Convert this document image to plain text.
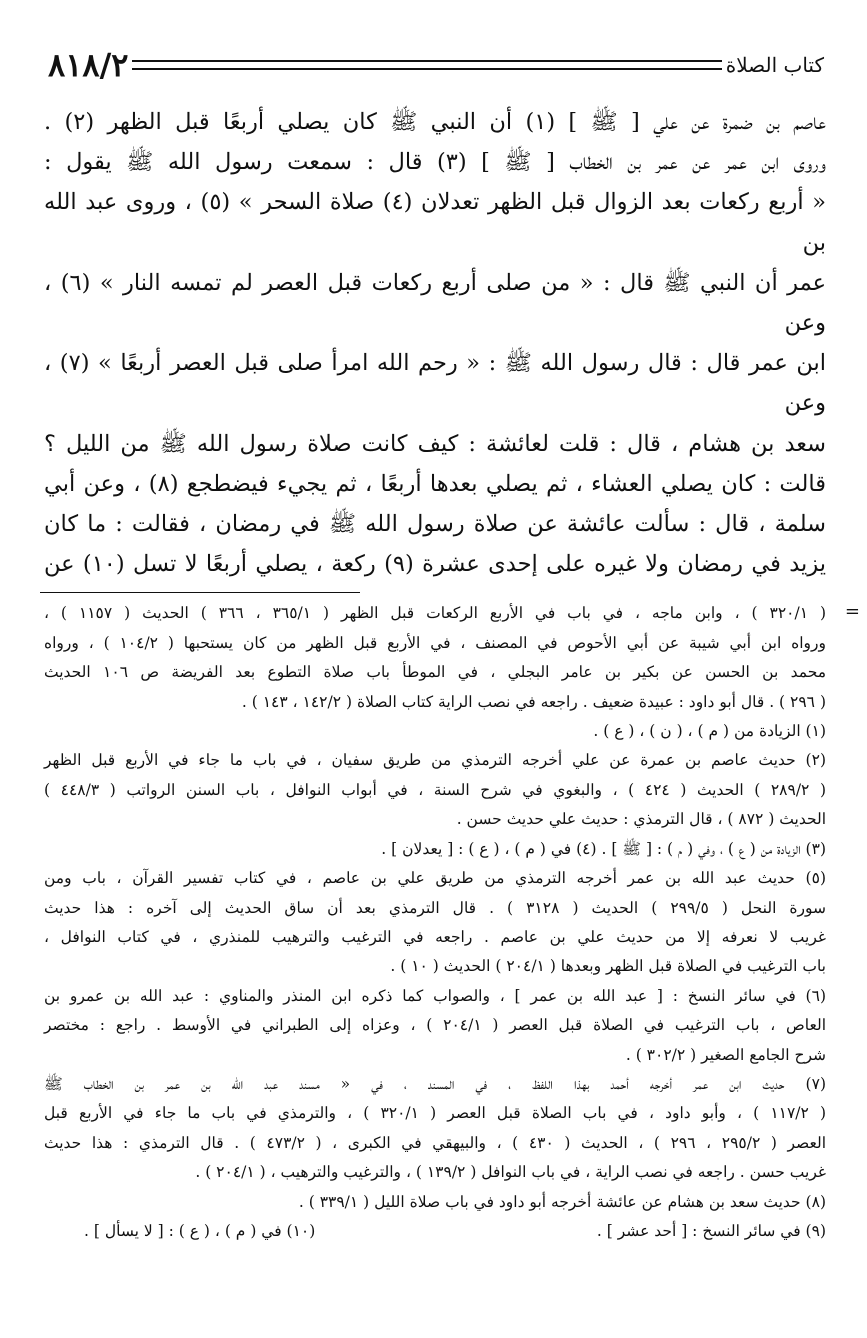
كتاب الصلاة
٨١٨/٢

عاصم بن ضمرة عن علي [ ﷺ ] (١) أن النبي ﷺ كان يصلي أربعًا قبل الظهر (٢) .

وروى ابن عمر عن عمر بن الخطاب [ ﷺ ] (٣) قال : سمعت رسول الله ﷺ يقول :

« أربع ركعات بعد الزوال قبل الظهر تعدلان (٤) صلاة السحر » (٥) ، وروى عبد الله بن

عمر أن النبي ﷺ قال : « من صلى أربع ركعات قبل العصر لم تمسه النار » (٦) ، وعن

ابن عمر قال : قال رسول الله ﷺ : « رحم الله امرأ صلى قبل العصر أربعًا » (٧) ، وعن

سعد بن هشام ، قال : قلت لعائشة : كيف كانت صلاة رسول الله ﷺ من الليل ؟

قالت : كان يصلي العشاء ، ثم يصلي بعدها أربعًا ، ثم يجيء فيضطجع (٨) ، وعن أبي

سلمة ، قال : سألت عائشة عن صلاة رسول الله ﷺ في رمضان ، فقالت : ما كان

يزيد في رمضان ولا غيره على إحدى عشرة (٩) ركعة ، يصلي أربعًا لا تسل (١٠) عن

=
( ٣٢٠/١ ) ، وابن ماجه ، في باب في الأربع الركعات قبل الظهر ( ٣٦٥/١ ، ٣٦٦ ) الحديث ( ١١٥٧ ) ،
ورواه ابن أبي شيبة عن أبي الأحوص في المصنف ، في الأربع قبل الظهر من كان يستحبها ( ١٠٤/٢ ) ، ورواه
محمد بن الحسن عن بكير بن عامر البجلي ، في الموطأ باب صلاة التطوع بعد الفريضة ص ١٠٦ الحديث
( ٢٩٦ ) . قال أبو داود : عبيدة ضعيف . راجعه في نصب الراية كتاب الصلاة ( ١٤٢/٢ ، ١٤٣ ) .
(١) الزيادة من ( م ) ، ( ن ) ، ( ع ) .
(٢) حديث عاصم بن عمرة عن علي أخرجه الترمذي من طريق سفيان ، في باب ما جاء في الأربع قبل الظهر
( ٢٨٩/٢ ) الحديث ( ٤٢٤ ) ، والبغوي في شرح السنة ، في أبواب النوافل ، باب السنن الرواتب ( ٤٤٨/٣ )
الحديث ( ٨٧٢ ) ، قال الترمذي : حديث علي حديث حسن .
(٣) الزيادة من ( ع ) ، وفي ( م ) : [ ﷺ ] . (٤) في ( م ) ، ( ع ) : [ يعدلان ] .
(٥) حديث عبد الله بن عمر أخرجه الترمذي من طريق علي بن عاصم ، في كتاب تفسير القرآن ، باب ومن
سورة النحل ( ٢٩٩/٥ ) الحديث ( ٣١٢٨ ) . قال الترمذي بعد أن ساق الحديث إلى آخره : هذا حديث
غريب لا نعرفه إلا من حديث علي بن عاصم . راجعه في الترغيب والترهيب للمنذري ، في كتاب النوافل ،
باب الترغيب في الصلاة قبل الظهر وبعدها ( ٢٠٤/١ ) الحديث ( ١٠ ) .
(٦) في سائر النسخ : [ عبد الله بن عمر ] ، والصواب كما ذكره ابن المنذر والمناوي : عبد الله بن عمرو بن
العاص ، باب الترغيب في الصلاة قبل العصر ( ٢٠٤/١ ) ، وعزاه إلى الطبراني في الأوسط . راجع : مختصر
شرح الجامع الصغير ( ٣٠٢/٢ ) .
(٧) حديث ابن عمر أخرجه أحمد بهذا اللفظ ، في المسند ، في « مسند عبد الله بن عمر بن الخطاب ﷺ
( ١١٧/٢ ) ، وأبو داود ، في باب الصلاة قبل العصر ( ٣٢٠/١ ) ، والترمذي في باب ما جاء في الأربع قبل
العصر ( ٢٩٥/٢ ، ٢٩٦ ) ، الحديث ( ٤٣٠ ) ، والبيهقي في الكبرى ، ( ٤٧٣/٢ ) . قال الترمذي : هذا حديث
غريب حسن . راجعه في نصب الراية ، في باب النوافل ( ١٣٩/٢ ) ، والترغيب والترهيب ، ( ٢٠٤/١ ) .
(٨) حديث سعد بن هشام عن عائشة أخرجه أبو داود في باب صلاة الليل ( ٣٣٩/١ ) .
(٩) في سائر النسخ : [ أحد عشر ] .
(١٠) في ( م ) ، ( ع ) : [ لا يسأل ] .
